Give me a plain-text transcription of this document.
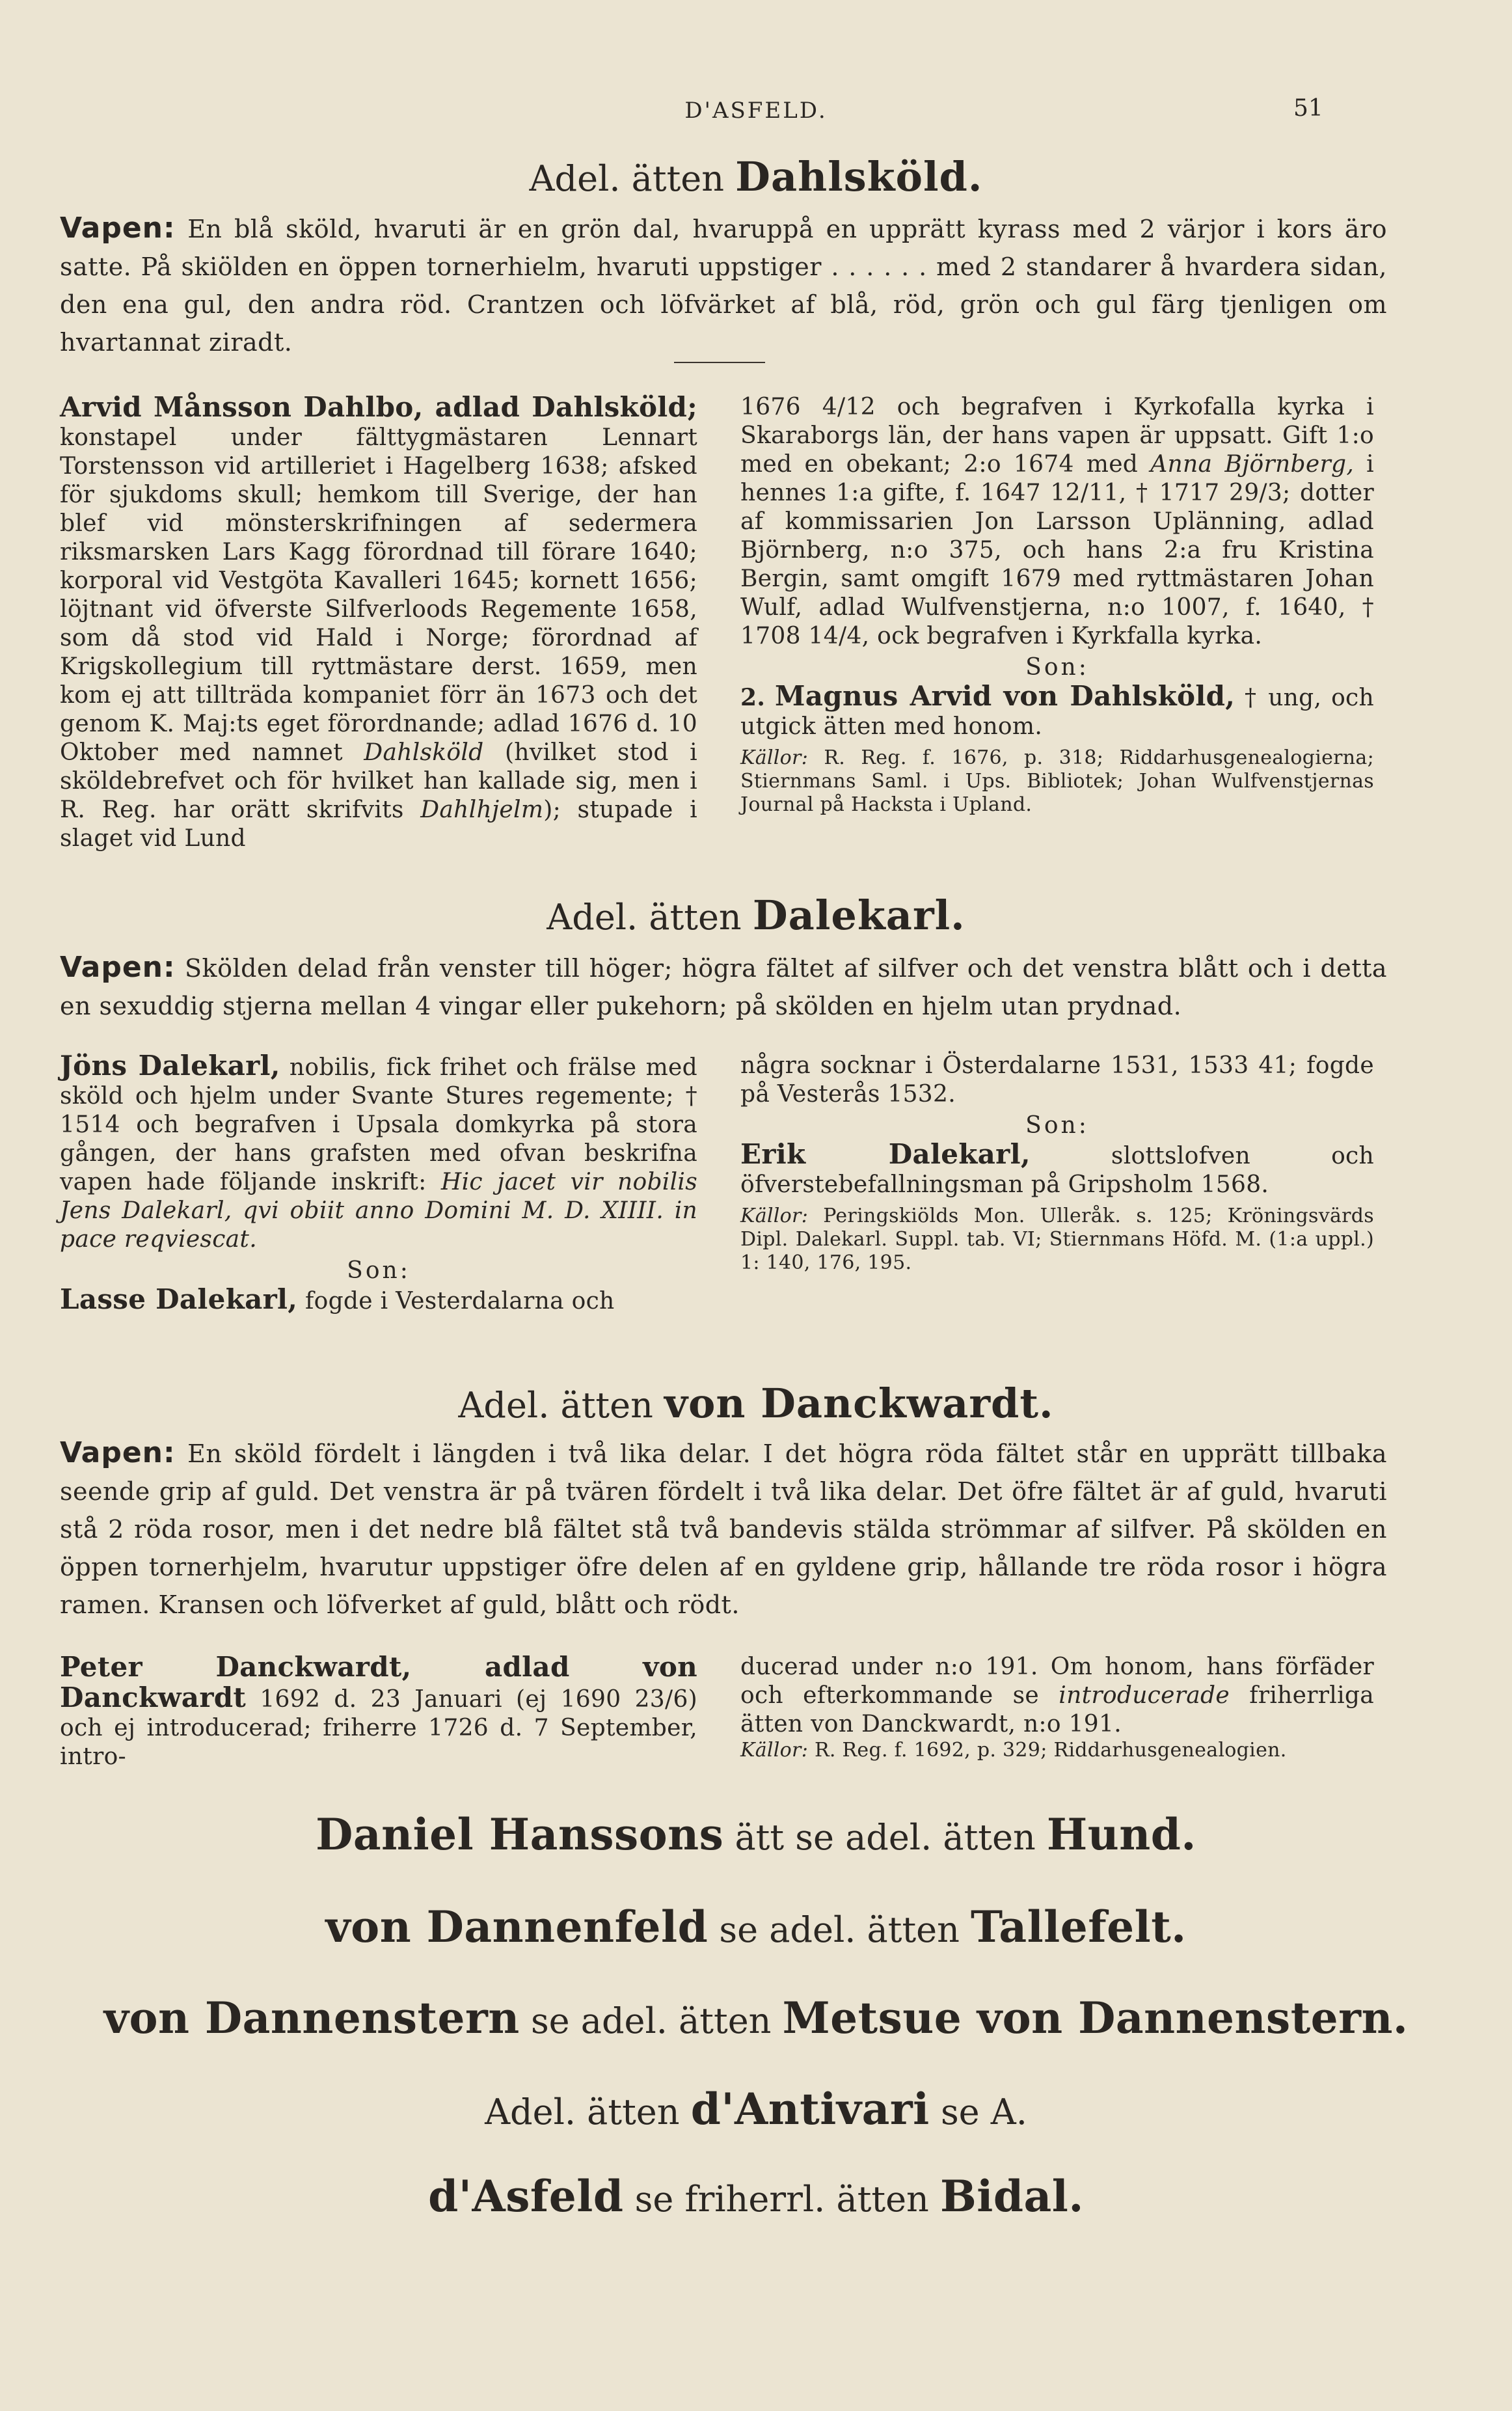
D'ASFELD.	51
Adel. ätten Dahlsköld.
Vapen: En blå sköld, hvaruti är en grön dal, hvaruppå en upprätt kyrass med 2 värjor i kors äro satte. På skiölden en öppen tornerhielm, hvaruti uppstiger . . . . . . med 2 standarer å hvardera sidan, den ena gul, den andra röd. Crantzen och löfvärket af blå, röd, grön och gul färg tjenligen om hvartannat ziradt.
Arvid Månsson Dahlbo, adlad Dahlsköld; konstapel under fälttygmästaren Lennart Torstensson vid artilleriet i Hagelberg 1638; afsked för sjukdoms skull; hemkom till Sverige, der han blef vid mönsterskrifningen af sedermera riksmarsken Lars Kagg förordnad till förare 1640; korporal vid Vestgöta Kavalleri 1645; kornett 1656; löjtnant vid öfverste Silfverloods Regemente 1658, som då stod vid Hald i Norge; förordnad af Krigskollegium till ryttmästare derst. 1659, men kom ej att tillträda kompaniet förr än 1673 och det genom K. Maj:ts eget förordnande; adlad 1676 d. 10 Oktober med namnet Dahlsköld (hvilket stod i sköldebrefvet och för hvilket han kallade sig, men i R. Reg. har orätt skrifvits Dahlhjelm); stupade i slaget vid Lund
1676 4/12 och begrafven i Kyrkofalla kyrka i Skaraborgs län, der hans vapen är uppsatt. Gift 1:o med en obekant; 2:o 1674 med Anna Björnberg, i hennes 1:a gifte, f. 1647 12/11, † 1717 29/3; dotter af kommissarien Jon Larsson Uplänning, adlad Björnberg, n:o 375, och hans 2:a fru Kristina Bergin, samt omgift 1679 med ryttmästaren Johan Wulf, adlad Wulfvenstjerna, n:o 1007, f. 1640, † 1708 14/4, ock begrafven i Kyrkfalla kyrka.
Son:
2. Magnus Arvid von Dahlsköld, † ung, och utgick ätten med honom.
Källor: R. Reg. f. 1676, p. 318; Riddarhusgenealogierna; Stiernmans Saml. i Ups. Bibliotek; Johan Wulfvenstjernas Journal på Hacksta i Upland.
Adel. ätten Dalekarl.
Vapen: Skölden delad från venster till höger; högra fältet af silfver och det venstra blått och i detta en sexuddig stjerna mellan 4 vingar eller pukehorn; på skölden en hjelm utan prydnad.
Jöns Dalekarl, nobilis, fick frihet och frälse med sköld och hjelm under Svante Stures regemente; † 1514 och begrafven i Upsala domkyrka på stora gången, der hans grafsten med ofvan beskrifna vapen hade följande inskrift: Hic jacet vir nobilis Jens Dalekarl, qvi obiit anno Domini M. D. XIIII. in pace reqviescat.
Son:
Lasse Dalekarl, fogde i Vesterdalarna och
några socknar i Österdalarne 1531, 1533 41; fogde på Vesterås 1532.
Son:
Erik Dalekarl,	slottslofven och öfverstebefallningsman på Gripsholm 1568.
Källor: Peringskiölds Mon. Ulleråk. s. 125; Kröningsvärds Dipl. Dalekarl. Suppl. tab. VI; Stiernmans Höfd. M. (1:a uppl.) 1: 140, 176, 195.
Adel. ätten von Danckwardt.
Vapen: En sköld fördelt i längden i två lika delar. I det högra röda fältet står en upprätt tillbaka seende grip af guld. Det venstra är på tvären fördelt i två lika delar. Det öfre fältet är af guld, hvaruti stå 2 röda rosor, men i det nedre blå fältet stå två bandevis stälda strömmar af silfver. På skölden en öppen tornerhjelm, hvarutur uppstiger öfre delen af en gyldene grip, hållande tre röda rosor i högra ramen. Kransen och löfverket af guld, blått och rödt.
Peter Danckwardt, adlad von Danckwardt 1692 d. 23 Januari (ej 1690 23/6) och ej introducerad; friherre 1726 d. 7 September, intro-
ducerad under n:o 191. Om honom, hans förfäder och efterkommande se introducerade friherrliga ätten von Danckwardt, n:o 191.
Källor: R. Reg. f. 1692, p. 329; Riddarhusgenealogien.
Daniel Hanssons ätt se adel. ätten Hund.
von Dannenfeld se adel. ätten Tallefelt.
von Dannenstern se adel. ätten Metsue von Dannenstern.
Adel. ätten d'Antivari se A.
d'Asfeld se friherrl. ätten Bidal.
